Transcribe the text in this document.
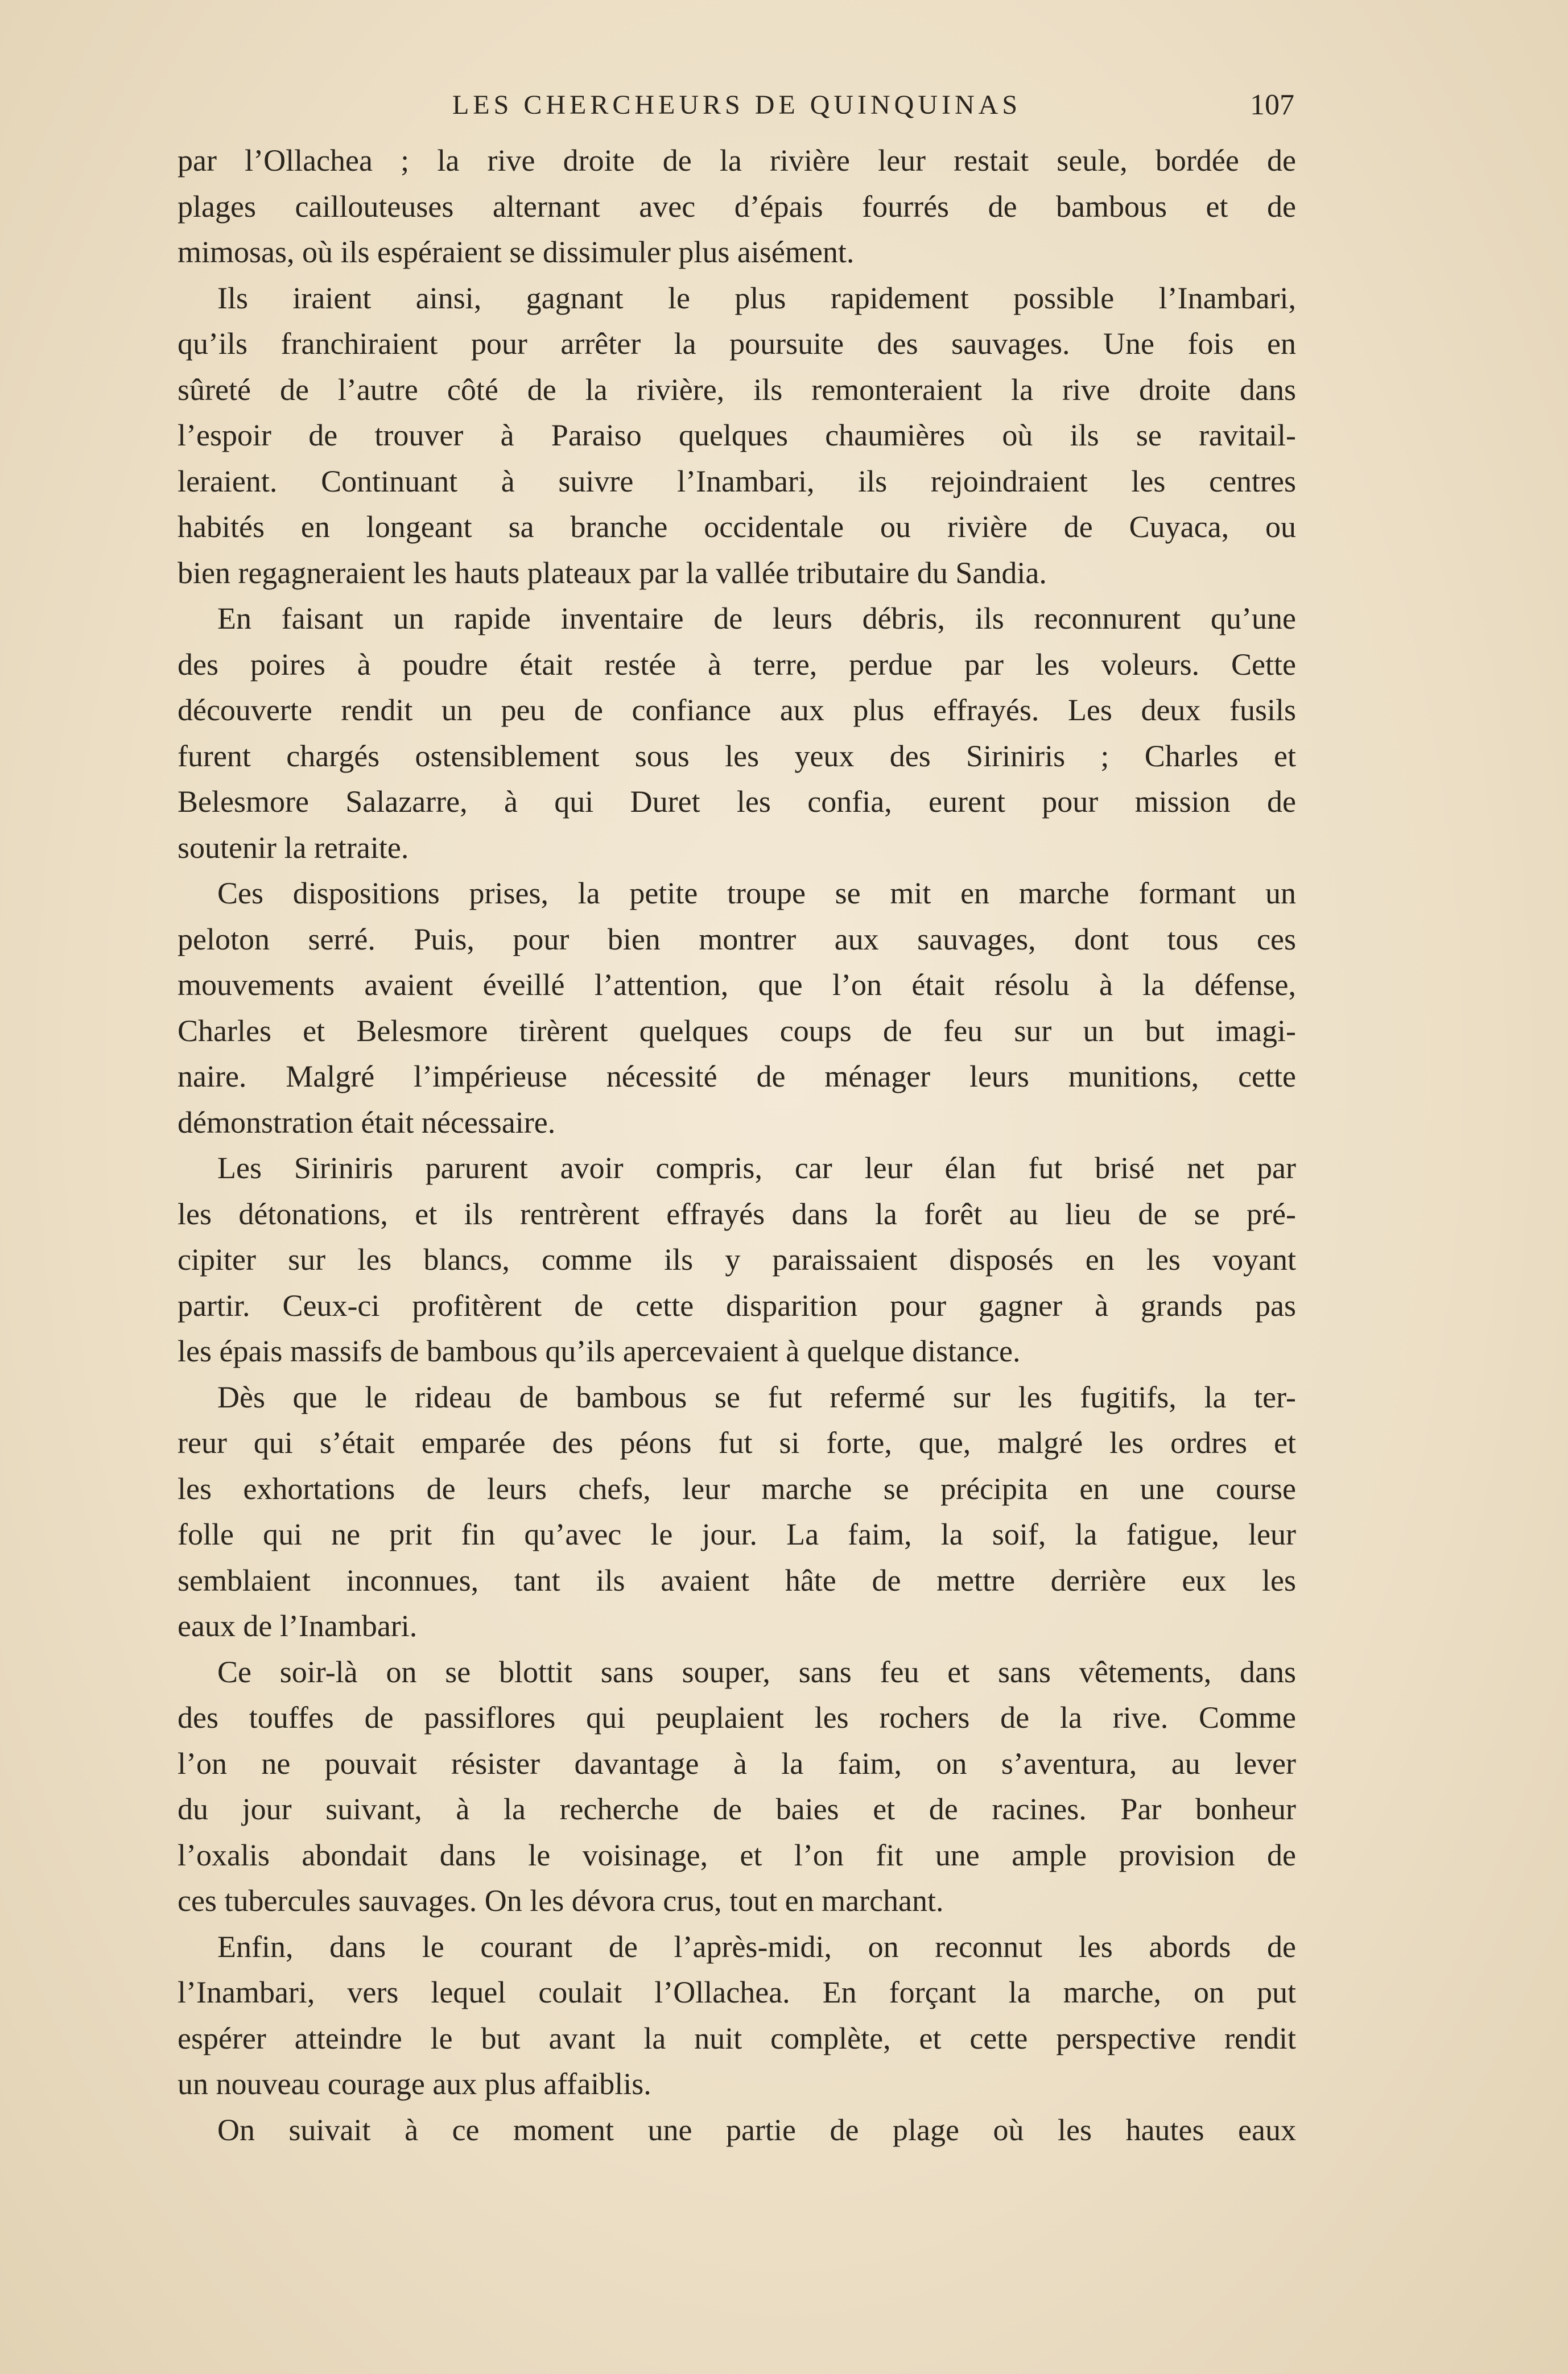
LES CHERCHEURS DE QUINQUINAS	107

par l’Ollachea ; la rive droite de la rivière leur restait seule, bordée de

plages caillouteuses alternant avec d’épais fourrés de bambous et de

mimosas, où ils espéraient se dissimuler plus aisément.

Ils iraient ainsi, gagnant le plus rapidement possible l’Inambari,

qu’ils franchiraient pour arrêter la poursuite des sauvages. Une fois en

sûreté de l’autre côté de la rivière, ils remonteraient la rive droite dans

l’espoir de trouver à Paraiso quelques chaumières où ils se ravitail-

leraient. Continuant à suivre l’Inambari, ils rejoindraient les centres

habités en longeant sa branche occidentale ou rivière de Cuyaca, ou

bien regagneraient les hauts plateaux par la vallée tributaire du Sandia.

En faisant un rapide inventaire de leurs débris, ils reconnurent qu’une

des poires à poudre était restée à terre, perdue par les voleurs. Cette

découverte rendit un peu de confiance aux plus effrayés. Les deux fusils

furent chargés ostensiblement sous les yeux des Siriniris ; Charles et

Belesmore Salazarre, à qui Duret les confia, eurent pour mission de

soutenir la retraite.

Ces dispositions prises, la petite troupe se mit en marche formant un

peloton serré. Puis, pour bien montrer aux sauvages, dont tous ces

mouvements avaient éveillé l’attention, que l’on était résolu à la défense,

Charles et Belesmore tirèrent quelques coups de feu sur un but imagi-

naire. Malgré l’impérieuse nécessité de ménager leurs munitions, cette

démonstration était nécessaire.

Les Siriniris parurent avoir compris, car leur élan fut brisé net par

les détonations, et ils rentrèrent effrayés dans la forêt au lieu de se pré-

cipiter sur les blancs, comme ils y paraissaient disposés en les voyant

partir. Ceux-ci profitèrent de cette disparition pour gagner à grands pas

les épais massifs de bambous qu’ils apercevaient à quelque distance.

Dès que le rideau de bambous se fut refermé sur les fugitifs, la ter-

reur qui s’était emparée des péons fut si forte, que, malgré les ordres et

les exhortations de leurs chefs, leur marche se précipita en une course

folle qui ne prit fin qu’avec le jour. La faim, la soif, la fatigue, leur

semblaient inconnues, tant ils avaient hâte de mettre derrière eux les

eaux de l’Inambari.

Ce soir-là on se blottit sans souper, sans feu et sans vêtements, dans

des touffes de passiflores qui peuplaient les rochers de la rive. Comme

l’on ne pouvait résister davantage à la faim, on s’aventura, au lever

du jour suivant, à la recherche de baies et de racines. Par bonheur

l’oxalis abondait dans le voisinage, et l’on fit une ample provision de

ces tubercules sauvages. On les dévora crus, tout en marchant.

Enfin, dans le courant de l’après-midi, on reconnut les abords de

l’Inambari, vers lequel coulait l’Ollachea. En forçant la marche, on put

espérer atteindre le but avant la nuit complète, et cette perspective rendit

un nouveau courage aux plus affaiblis.

On suivait à ce moment une partie de plage où les hautes eaux
